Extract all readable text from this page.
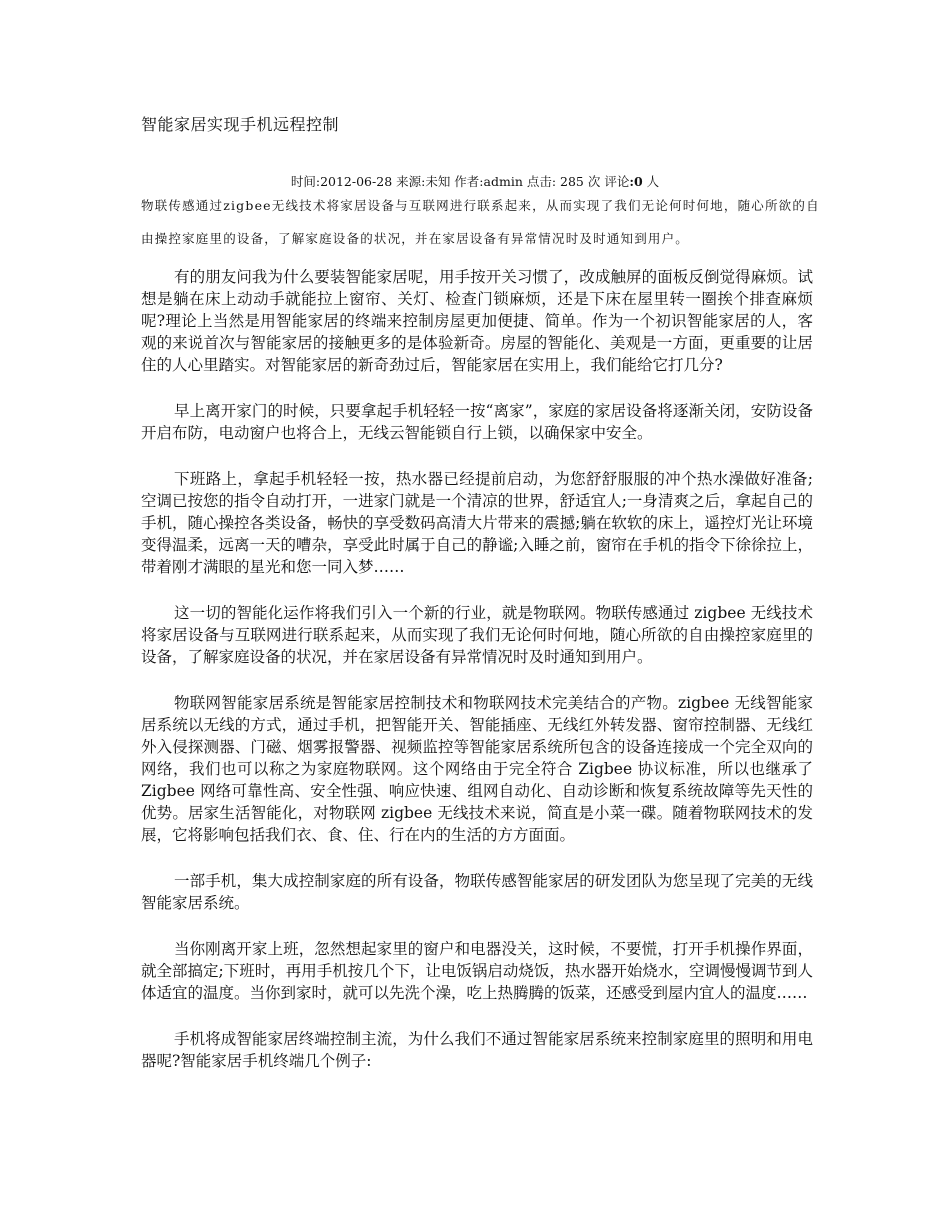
智能家居实现手机远程控制
时间:2012-06-28 来源:未知 作者:admin 点击: 285 次 评论:0 人
物联传感通过zigbee无线技术将家居设备与互联网进行联系起来，从而实现了我们无论何时何地，随心所欲的自由操控家庭里的设备，了解家庭设备的状况，并在家居设备有异常情况时及时通知到用户。

有的朋友问我为什么要装智能家居呢，用手按开关习惯了，改成触屏的面板反倒觉得麻烦。试想是躺在床上动动手就能拉上窗帘、关灯、检查门锁麻烦，还是下床在屋里转一圈挨个排查麻烦呢?理论上当然是用智能家居的终端来控制房屋更加便捷、简单。作为一个初识智能家居的人，客观的来说首次与智能家居的接触更多的是体验新奇。房屋的智能化、美观是一方面，更重要的让居住的人心里踏实。对智能家居的新奇劲过后，智能家居在实用上，我们能给它打几分?

早上离开家门的时候，只要拿起手机轻轻一按“离家”，家庭的家居设备将逐渐关闭，安防设备开启布防，电动窗户也将合上，无线云智能锁自行上锁，以确保家中安全。

下班路上，拿起手机轻轻一按，热水器已经提前启动，为您舒舒服服的冲个热水澡做好准备;空调已按您的指令自动打开，一进家门就是一个清凉的世界，舒适宜人;一身清爽之后，拿起自己的手机，随心操控各类设备，畅快的享受数码高清大片带来的震撼;躺在软软的床上，遥控灯光让环境变得温柔，远离一天的嘈杂，享受此时属于自己的静谧;入睡之前，窗帘在手机的指令下徐徐拉上，带着刚才满眼的星光和您一同入梦……

这一切的智能化运作将我们引入一个新的行业，就是物联网。物联传感通过 zigbee 无线技术将家居设备与互联网进行联系起来，从而实现了我们无论何时何地，随心所欲的自由操控家庭里的设备，了解家庭设备的状况，并在家居设备有异常情况时及时通知到用户。

物联网智能家居系统是智能家居控制技术和物联网技术完美结合的产物。zigbee 无线智能家居系统以无线的方式，通过手机，把智能开关、智能插座、无线红外转发器、窗帘控制器、无线红外入侵探测器、门磁、烟雾报警器、视频监控等智能家居系统所包含的设备连接成一个完全双向的网络，我们也可以称之为家庭物联网。这个网络由于完全符合 Zigbee 协议标准，所以也继承了 Zigbee 网络可靠性高、安全性强、响应快速、组网自动化、自动诊断和恢复系统故障等先天性的优势。居家生活智能化，对物联网 zigbee 无线技术来说，简直是小菜一碟。随着物联网技术的发展，它将影响包括我们衣、食、住、行在内的生活的方方面面。

一部手机，集大成控制家庭的所有设备，物联传感智能家居的研发团队为您呈现了完美的无线智能家居系统。

当你刚离开家上班，忽然想起家里的窗户和电器没关，这时候，不要慌，打开手机操作界面，就全部搞定;下班时，再用手机按几个下，让电饭锅启动烧饭，热水器开始烧水，空调慢慢调节到人体适宜的温度。当你到家时，就可以先洗个澡，吃上热腾腾的饭菜，还感受到屋内宜人的温度……

手机将成智能家居终端控制主流，为什么我们不通过智能家居系统来控制家庭里的照明和用电器呢?智能家居手机终端几个例子:
